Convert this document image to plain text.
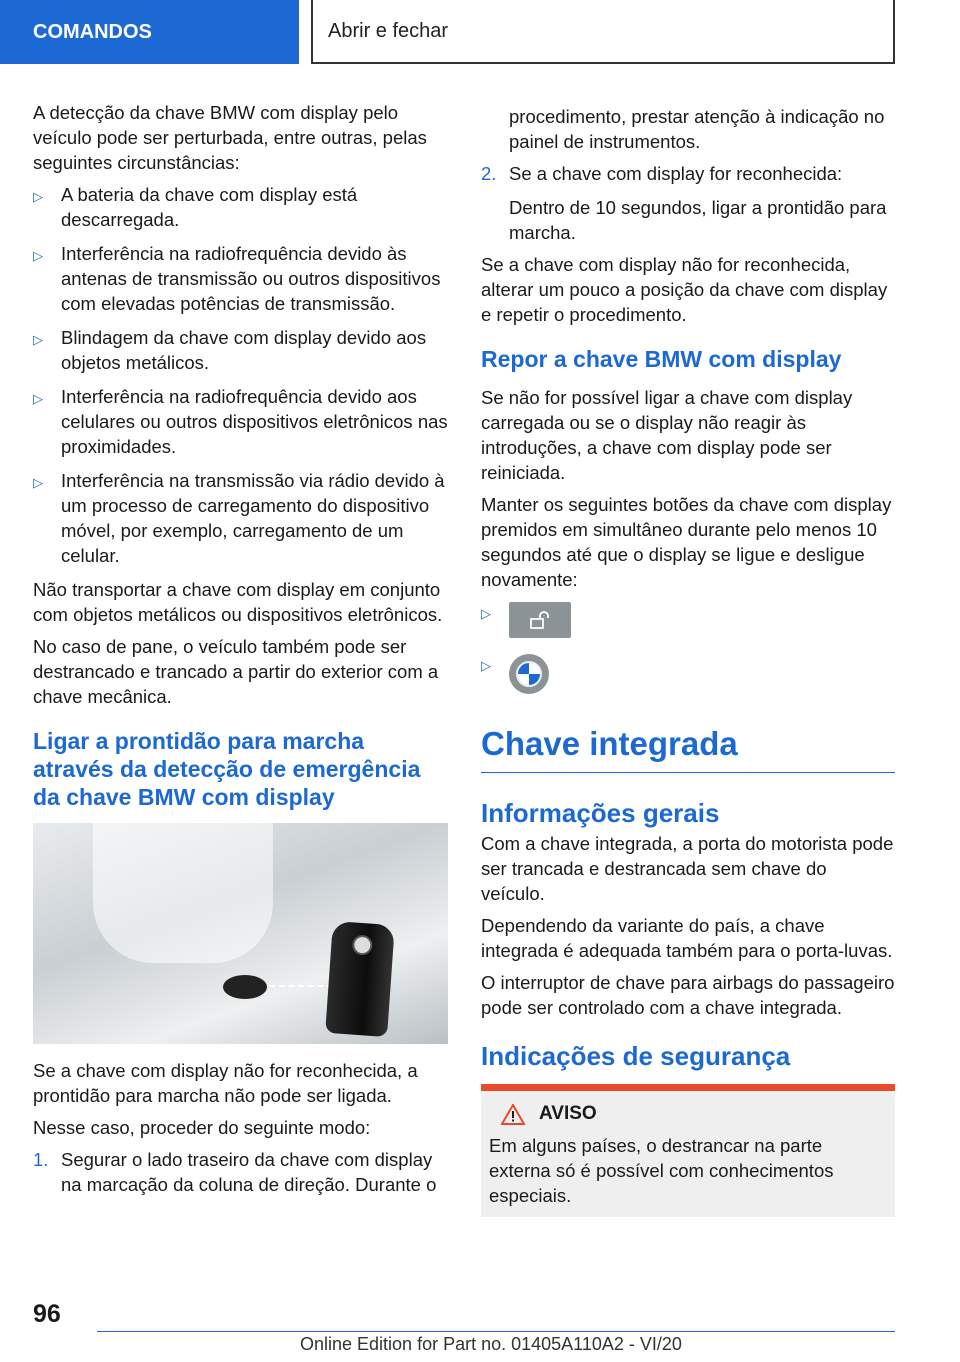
COMANDOS	Abrir e fechar

A detecção da chave BMW com display pelo veículo pode ser perturbada, entre outras, pelas seguintes circunstâncias:

▷ A bateria da chave com display está descarregada.
▷ Interferência na radiofrequência devido às antenas de transmissão ou outros dispositivos com elevadas potências de transmissão.
▷ Blindagem da chave com display devido aos objetos metálicos.
▷ Interferência na radiofrequência devido aos celulares ou outros dispositivos eletrônicos nas proximidades.
▷ Interferência na transmissão via rádio devido à um processo de carregamento do dispositivo móvel, por exemplo, carregamento de um celular.

Não transportar a chave com display em conjunto com objetos metálicos ou dispositivos eletrônicos.

No caso de pane, o veículo também pode ser destrancado e trancado a partir do exterior com a chave mecânica.

Ligar a prontidão para marcha através da detecção de emergência da chave BMW com display

Se a chave com display não for reconhecida, a prontidão para marcha não pode ser ligada.

Nesse caso, proceder do seguinte modo:

1. Segurar o lado traseiro da chave com display na marcação da coluna de direção. Durante o

procedimento, prestar atenção à indicação no painel de instrumentos.

2. Se a chave com display for reconhecida:

Dentro de 10 segundos, ligar a prontidão para marcha.

Se a chave com display não for reconhecida, alterar um pouco a posição da chave com display e repetir o procedimento.

Repor a chave BMW com display

Se não for possível ligar a chave com display carregada ou se o display não reagir às introduções, a chave com display pode ser reiniciada.

Manter os seguintes botões da chave com display premidos em simultâneo durante pelo menos 10 segundos até que o display se ligue e desligue novamente:

▷
▷
Chave integrada
Informações gerais

Com a chave integrada, a porta do motorista pode ser trancada e destrancada sem chave do veículo.

Dependendo da variante do país, a chave integrada é adequada também para o porta-luvas.

O interruptor de chave para airbags do passageiro pode ser controlado com a chave integrada.

Indicações de segurança
AVISO

Em alguns países, o destrancar na parte externa só é possível com conhecimentos especiais.

96
Online Edition for Part no. 01405A110A2 - VI/20
